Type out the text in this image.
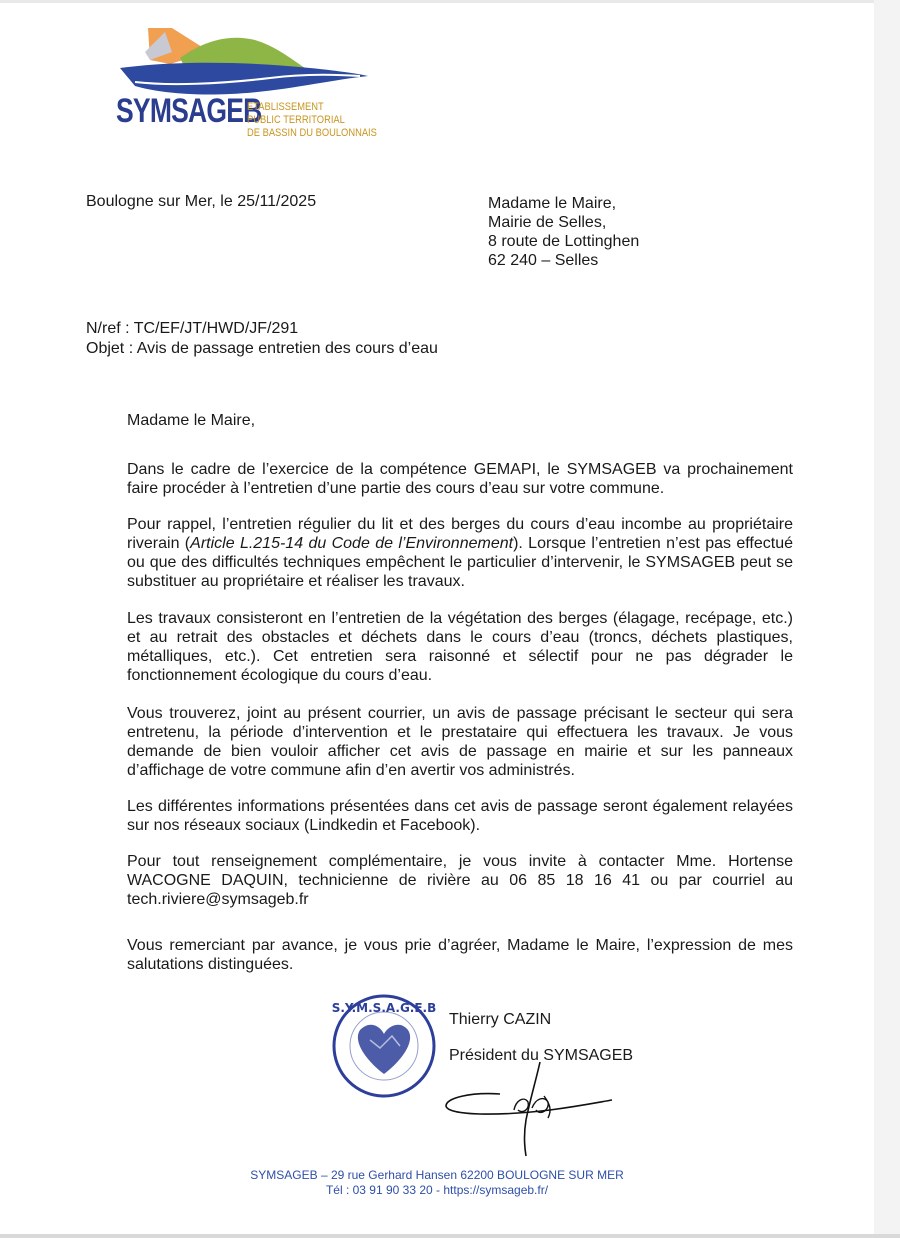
SYMSAGEB
ETABLISSEMENT
PUBLIC TERRITORIAL
DE BASSIN DU BOULONNAIS
Boulogne sur Mer, le 25/11/2025	Madame le Maire,
Mairie de Selles,
8 route de Lottinghen
62 240 – Selles
N/ref : TC/EF/JT/HWD/JF/291
Objet : Avis de passage entretien des cours d’eau
Madame le Maire,
Dans le cadre de l’exercice de la compétence GEMAPI, le SYMSAGEB va prochainement faire procéder à l’entretien d’une partie des cours d’eau sur votre commune.
Pour rappel, l’entretien régulier du lit et des berges du cours d’eau incombe au propriétaire riverain (Article L.215-14 du Code de l’Environnement). Lorsque l’entretien n’est pas effectué ou que des difficultés techniques empêchent le particulier d’intervenir, le SYMSAGEB peut se substituer au propriétaire et réaliser les travaux.
Les travaux consisteront en l’entretien de la végétation des berges (élagage, recépage, etc.) et au retrait des obstacles et déchets dans le cours d’eau (troncs, déchets plastiques, métalliques, etc.). Cet entretien sera raisonné et sélectif pour ne pas dégrader le fonctionnement écologique du cours d’eau.
Vous trouverez, joint au présent courrier, un avis de passage précisant le secteur qui sera entretenu, la période d’intervention et le prestataire qui effectuera les travaux. Je vous demande de bien vouloir afficher cet avis de passage en mairie et sur les panneaux d’affichage de votre commune afin d’en avertir vos administrés.
Les différentes informations présentées dans cet avis de passage seront également relayées sur nos réseaux sociaux (Lindkedin et Facebook).
Pour tout renseignement complémentaire, je vous invite à contacter Mme. Hortense WACOGNE DAQUIN, technicienne de rivière au 06 85 18 16 41 ou par courriel au tech.riviere@symsageb.fr
Vous remerciant par avance, je vous prie d’agréer, Madame le Maire, l’expression de mes salutations distinguées.
S.Y.M.S.A.G.E.B
Thierry CAZIN
Président du SYMSAGEB
SYMSAGEB – 29 rue Gerhard Hansen 62200 BOULOGNE SUR MER
Tél : 03 91 90 33 20 - https://symsageb.fr/
